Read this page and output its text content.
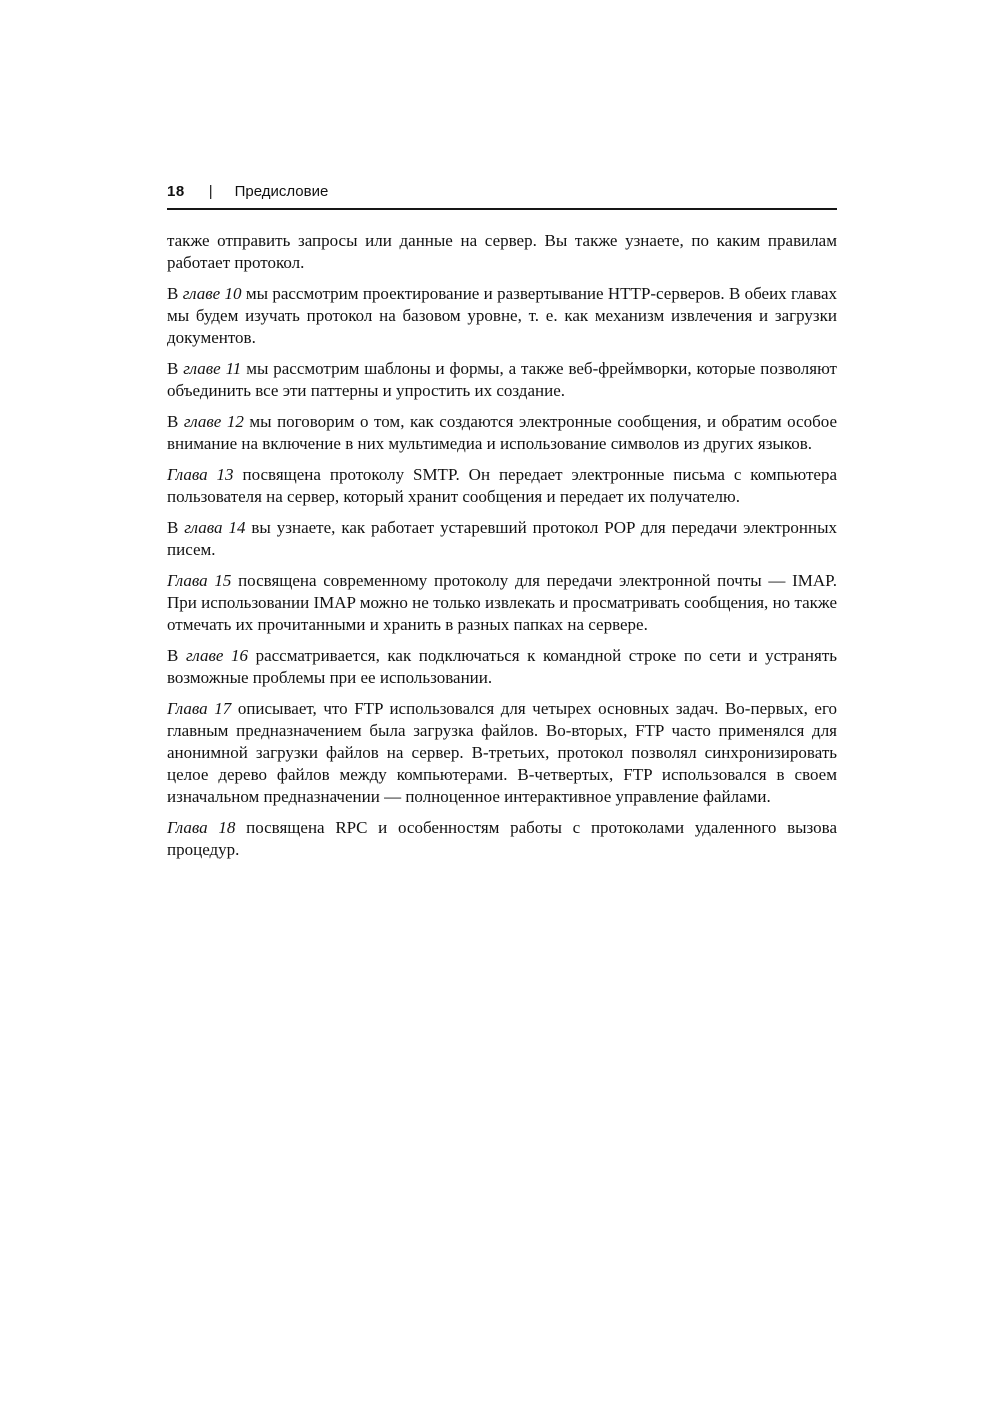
18 | Предисловие

также отправить запросы или данные на сервер. Вы также узнаете, по каким правилам работает протокол.

В главе 10 мы рассмотрим проектирование и развертывание HTTP-серверов. В обеих главах мы будем изучать протокол на базовом уровне, т. е. как механизм извлечения и загрузки документов.

В главе 11 мы рассмотрим шаблоны и формы, а также веб-фреймворки, которые позволяют объединить все эти паттерны и упростить их создание.

В главе 12 мы поговорим о том, как создаются электронные сообщения, и обратим особое внимание на включение в них мультимедиа и использование символов из других языков.

Глава 13 посвящена протоколу SMTP. Он передает электронные письма с компьютера пользователя на сервер, который хранит сообщения и передает их получателю.

В глава 14 вы узнаете, как работает устаревший протокол POP для передачи электронных писем.

Глава 15 посвящена современному протоколу для передачи электронной почты — IMAP. При использовании IMAP можно не только извлекать и просматривать сообщения, но также отмечать их прочитанными и хранить в разных папках на сервере.

В главе 16 рассматривается, как подключаться к командной строке по сети и устранять возможные проблемы при ее использовании.

Глава 17 описывает, что FTP использовался для четырех основных задач. Во-первых, его главным предназначением была загрузка файлов. Во-вторых, FTP часто применялся для анонимной загрузки файлов на сервер. В-третьих, протокол позволял синхронизировать целое дерево файлов между компьютерами. В-четвертых, FTP использовался в своем изначальном предназначении — полноценное интерактивное управление файлами.

Глава 18 посвящена RPC и особенностям работы с протоколами удаленного вызова процедур.
